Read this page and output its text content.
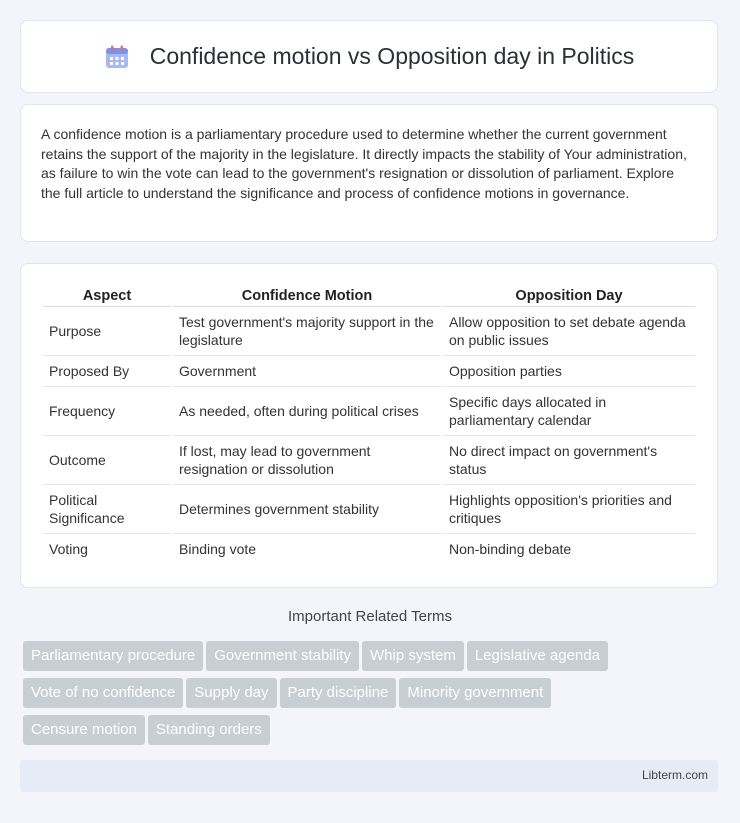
Confidence motion vs Opposition day in Politics
A confidence motion is a parliamentary procedure used to determine whether the current government retains the support of the majority in the legislature. It directly impacts the stability of Your administration, as failure to win the vote can lead to the government's resignation or dissolution of parliament. Explore the full article to understand the significance and process of confidence motions in governance.
Aspect	Confidence Motion	Opposition Day
Purpose	Test government's majority support in the legislature	Allow opposition to set debate agenda on public issues
Proposed By	Government	Opposition parties
Frequency	As needed, often during political crises	Specific days allocated in parliamentary calendar
Outcome	If lost, may lead to government resignation or dissolution	No direct impact on government's status
Political Significance	Determines government stability	Highlights opposition's priorities and critiques
Voting	Binding vote	Non-binding debate
Important Related Terms
Parliamentary procedure Government stability Whip system Legislative agenda
Vote of no confidence Supply day Party discipline Minority government
Censure motion Standing orders
Libterm.com
